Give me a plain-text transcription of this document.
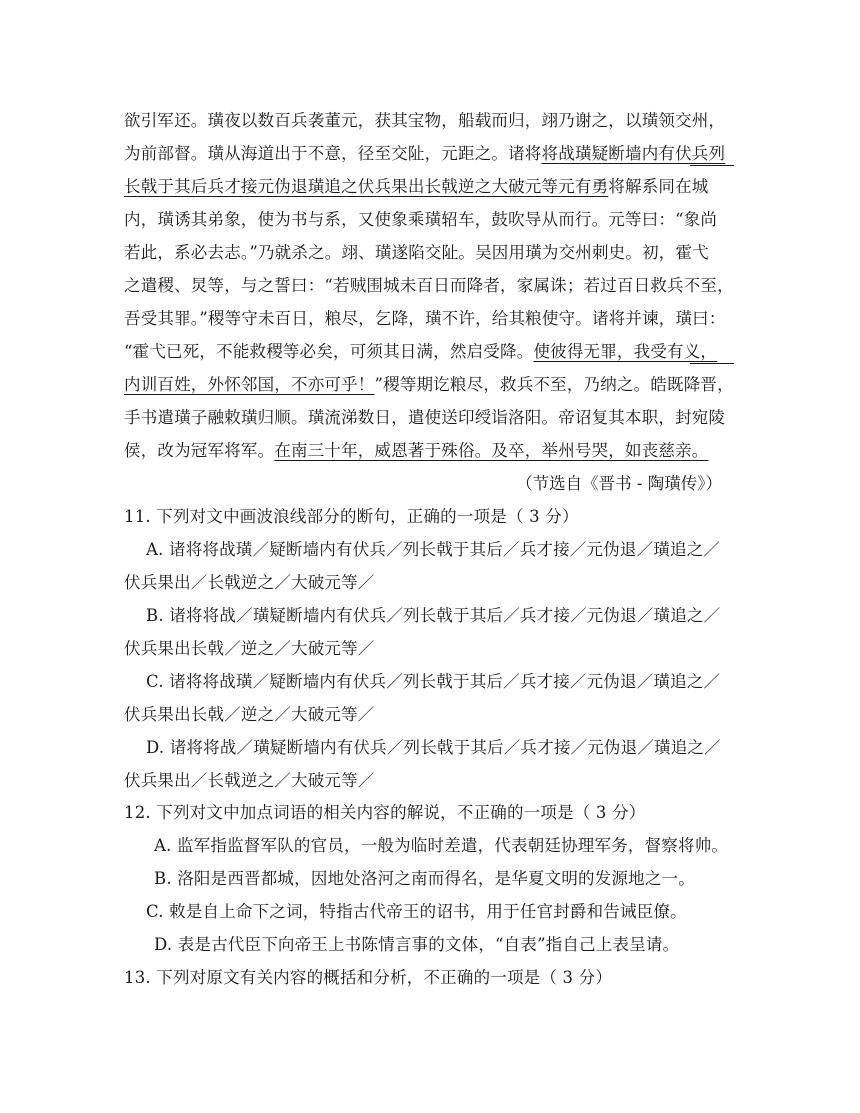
欲引军还。璜夜以数百兵袭董元，获其宝物，船载而归，翊乃谢之，以璜领交州，
为前部督。璜从海道出于不意，径至交阯，元距之。诸将将战璜疑断墙内有伏兵列
长戟于其后兵才接元伪退璜追之伏兵果出长戟逆之大破元等元有勇将解系同在城
内，璜诱其弟象，使为书与系，又使象乘璜轺车，鼓吹导从而行。元等曰：“象尚
若此，系必去志。”乃就杀之。翊、璜遂陷交阯。吴因用璜为交州刺史。初，霍弋
之遣稷、炅等，与之誓曰：“若贼围城未百日而降者，家属诛；若过百日救兵不至，
吾受其罪。”稷等守未百日，粮尽，乞降，璜不许，给其粮使守。诸将并谏，璜曰：
“霍弋已死，不能救稷等必矣，可须其日满，然启受降。使彼得无罪，我受有义，
内训百姓，外怀邻国，不亦可乎！”稷等期讫粮尽，救兵不至，乃纳之。皓既降晋，
手书遣璜子融敕璜归顺。璜流涕数日，遣使送印绶诣洛阳。帝诏复其本职，封宛陵
侯，改为冠军将军。在南三十年，威恩著于殊俗。及卒，举州号哭，如丧慈亲。
（节选自《晋书 - 陶璜传》）
11. 下列对文中画波浪线部分的断句，正确的一项是（ 3 分）
A. 诸将将战璜／疑断墙内有伏兵／列长戟于其后／兵才接／元伪退／璜追之／
伏兵果出／长戟逆之／大破元等／
B. 诸将将战／璜疑断墙内有伏兵／列长戟于其后／兵才接／元伪退／璜追之／
伏兵果出长戟／逆之／大破元等／
C. 诸将将战璜／疑断墙内有伏兵／列长戟于其后／兵才接／元伪退／璜追之／
伏兵果出长戟／逆之／大破元等／
D. 诸将将战／璜疑断墙内有伏兵／列长戟于其后／兵才接／元伪退／璜追之／
伏兵果出／长戟逆之／大破元等／
12. 下列对文中加点词语的相关内容的解说，不正确的一项是（ 3 分）
A. 监军指监督军队的官员，一般为临时差遣，代表朝廷协理军务，督察将帅。
B. 洛阳是西晋都城，因地处洛河之南而得名，是华夏文明的发源地之一。
C. 敕是自上命下之词，特指古代帝王的诏书，用于任官封爵和告诫臣僚。
D. 表是古代臣下向帝王上书陈情言事的文体，“自表”指自己上表呈请。
13. 下列对原文有关内容的概括和分析，不正确的一项是（ 3 分）
